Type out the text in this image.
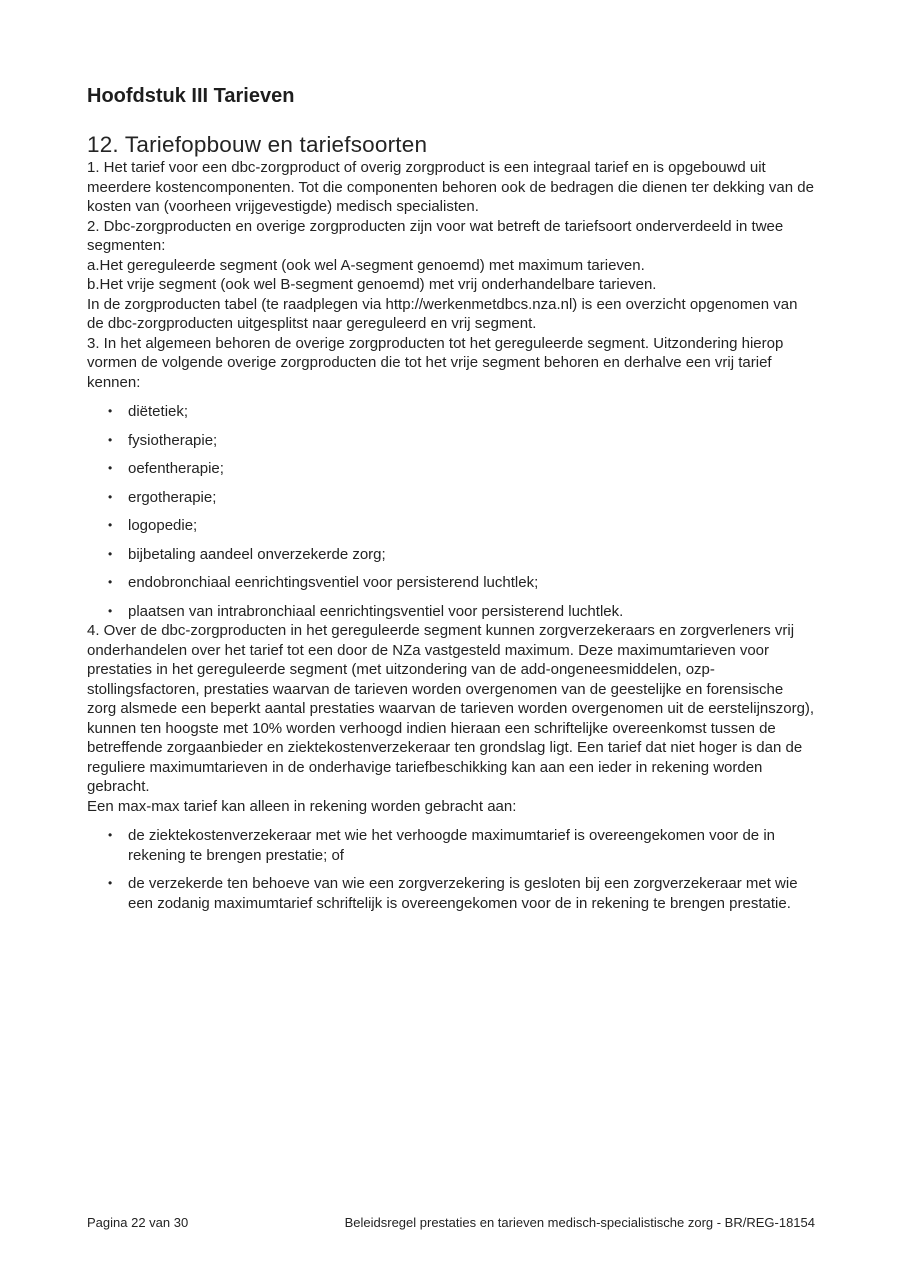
Hoofdstuk III Tarieven
12. Tariefopbouw en tariefsoorten

1. Het tarief voor een dbc-zorgproduct of overig zorgproduct is een integraal tarief en is opgebouwd uit meerdere kostencomponenten. Tot die componenten behoren ook de bedragen die dienen ter dekking van de kosten van (voorheen vrijgevestigde) medisch specialisten.

2. Dbc-zorgproducten en overige zorgproducten zijn voor wat betreft de tariefsoort onderverdeeld in twee segmenten:

a.Het gereguleerde segment (ook wel A-segment genoemd) met maximum tarieven.

b.Het vrije segment (ook wel B-segment genoemd) met vrij onderhandelbare tarieven.

In de zorgproducten tabel (te raadplegen via http://werkenmetdbcs.nza.nl) is een overzicht opgenomen van de dbc-zorgproducten uitgesplitst naar gereguleerd en vrij segment.

3. In het algemeen behoren de overige zorgproducten tot het gereguleerde segment. Uitzondering hierop vormen de volgende overige zorgproducten die tot het vrije segment behoren en derhalve een vrij tarief kennen:

•	diëtetiek;
•	fysiotherapie;
•	oefentherapie;
•	ergotherapie;
•	logopedie;
•	bijbetaling aandeel onverzekerde zorg;
•	endobronchiaal eenrichtingsventiel voor persisterend luchtlek;
•	plaatsen van intrabronchiaal eenrichtingsventiel voor persisterend luchtlek.

4. Over de dbc-zorgproducten in het gereguleerde segment kunnen zorgverzekeraars en zorgverleners vrij onderhandelen over het tarief tot een door de NZa vastgesteld maximum. Deze maximumtarieven voor prestaties in het gereguleerde segment (met uitzondering van de add-ongeneesmiddelen, ozp-stollingsfactoren, prestaties waarvan de tarieven worden overgenomen van de geestelijke en forensische zorg alsmede een beperkt aantal prestaties waarvan de tarieven worden overgenomen uit de eerstelijnszorg), kunnen ten hoogste met 10% worden verhoogd indien hieraan een schriftelijke overeenkomst tussen de betreffende zorgaanbieder en ziektekostenverzekeraar ten grondslag ligt. Een tarief dat niet hoger is dan de reguliere maximumtarieven in de onderhavige tariefbeschikking kan aan een ieder in rekening worden gebracht.

Een max-max tarief kan alleen in rekening worden gebracht aan:

•	de ziektekostenverzekeraar met wie het verhoogde maximumtarief is overeengekomen voor de in rekening te brengen prestatie; of
•	de verzekerde ten behoeve van wie een zorgverzekering is gesloten bij een zorgverzekeraar met wie een zodanig maximumtarief schriftelijk is overeengekomen voor de in rekening te brengen prestatie.
Pagina 22 van 30	Beleidsregel prestaties en tarieven medisch-specialistische zorg - BR/REG-18154
